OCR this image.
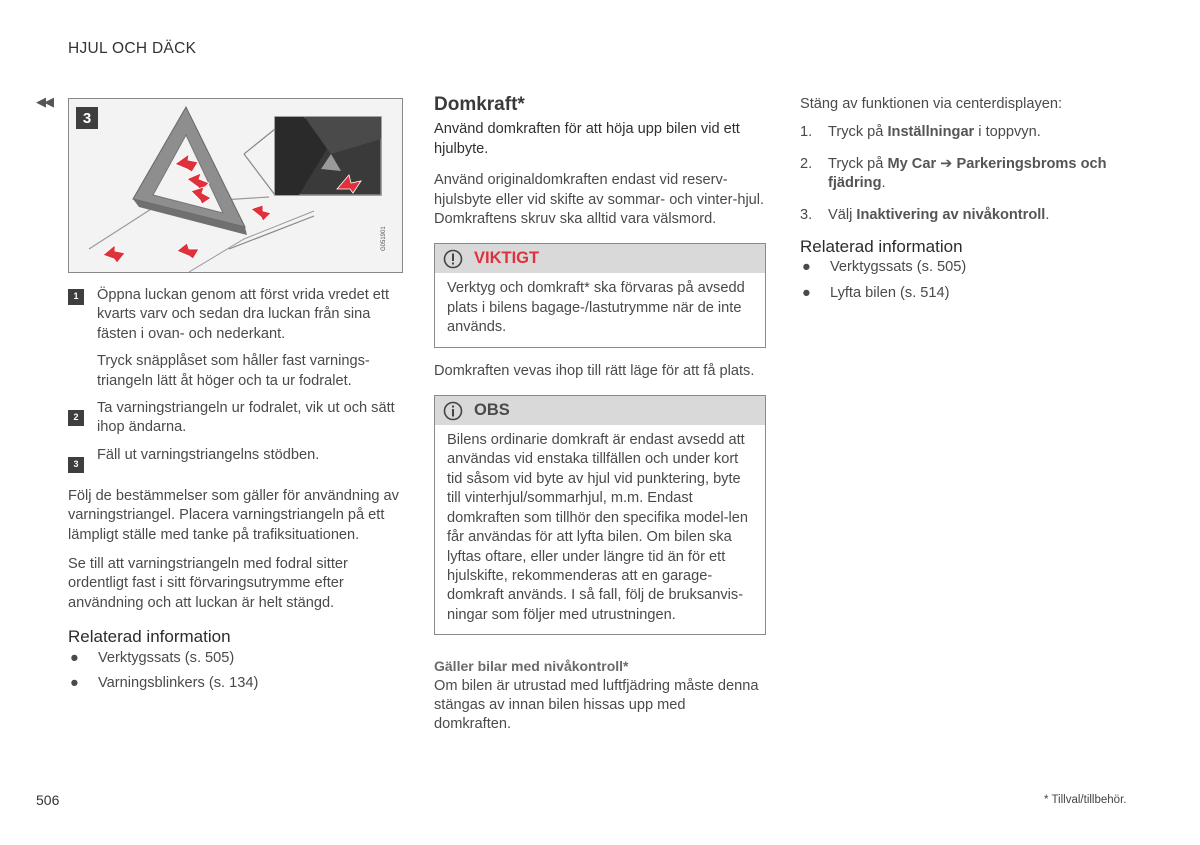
HJUL OCH DÄCK
◀◀
3
G051901
1	Öppna luckan genom att först vrida vredet ett kvarts varv och sedan dra luckan från sina fästen i ovan- och nederkant.
Tryck snäpplåset som håller fast varnings-triangeln lätt åt höger och ta ur fodralet.
2
Ta varningstriangeln ur fodralet, vik ut och sätt ihop ändarna.
3
Fäll ut varningstriangelns stödben.

Följ de bestämmelser som gäller för användning av varningstriangel. Placera varningstriangeln på ett lämpligt ställe med tanke på trafiksituationen.

Se till att varningstriangeln med fodral sitter ordentligt fast i sitt förvaringsutrymme efter användning och att luckan är helt stängd.

Relaterad information
●	Verktygssats (s. 505)
●	Varningsblinkers (s. 134)
Domkraft*
Använd domkraften för att höja upp bilen vid ett hjulbyte.

Använd originaldomkraften endast vid reserv-hjulsbyte eller vid skifte av sommar- och vinter-hjul. Domkraftens skruv ska alltid vara välsmord.

VIKTIGT
Verktyg och domkraft* ska förvaras på avsedd plats i bilens bagage-/lastutrymme när de inte används.

Domkraften vevas ihop till rätt läge för att få plats.

OBS
Bilens ordinarie domkraft är endast avsedd att användas vid enstaka tillfällen och under kort tid såsom vid byte av hjul vid punktering, byte till vinterhjul/sommarhjul, m.m. Endast domkraften som tillhör den specifika model-len får användas för att lyfta bilen. Om bilen ska lyftas oftare, eller under längre tid än för ett hjulskifte, rekommenderas att en garage-domkraft används. I så fall, följ de bruksanvis-ningar som följer med utrustningen.
Gäller bilar med nivåkontroll*
Om bilen är utrustad med luftfjädring måste denna stängas av innan bilen hissas upp med domkraften.

Stäng av funktionen via centerdisplayen:

1.	Tryck på Inställningar i toppvyn.
2.	Tryck på My Car ➔ Parkeringsbroms och fjädring.
3.	Välj Inaktivering av nivåkontroll.
Relaterad information
●	Verktygssats (s. 505)
●	Lyfta bilen (s. 514)
506	* Tillval/tillbehör.
